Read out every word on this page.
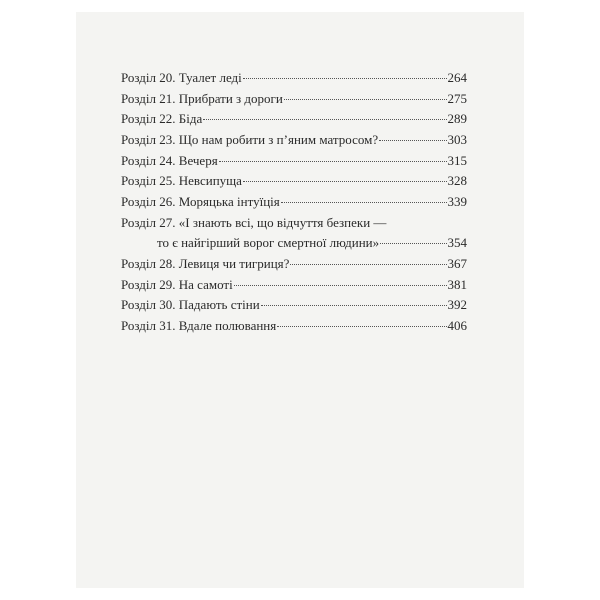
Розділ 20. Туалет леді	264
Розділ 21. Прибрати з дороги	275
Розділ 22. Біда	289
Розділ 23. Що нам робити з п’яним матросом?	303
Розділ 24. Вечеря	315
Розділ 25. Невсипуща	328
Розділ 26. Моряцька інтуїція	339
Розділ 27. «І знають всі, що відчуття безпеки —
то є найгірший ворог смертної людини»	354
Розділ 28. Левиця чи тигриця?	367
Розділ 29. На самоті	381
Розділ 30. Падають стіни	392
Розділ 31. Вдале полювання	406
